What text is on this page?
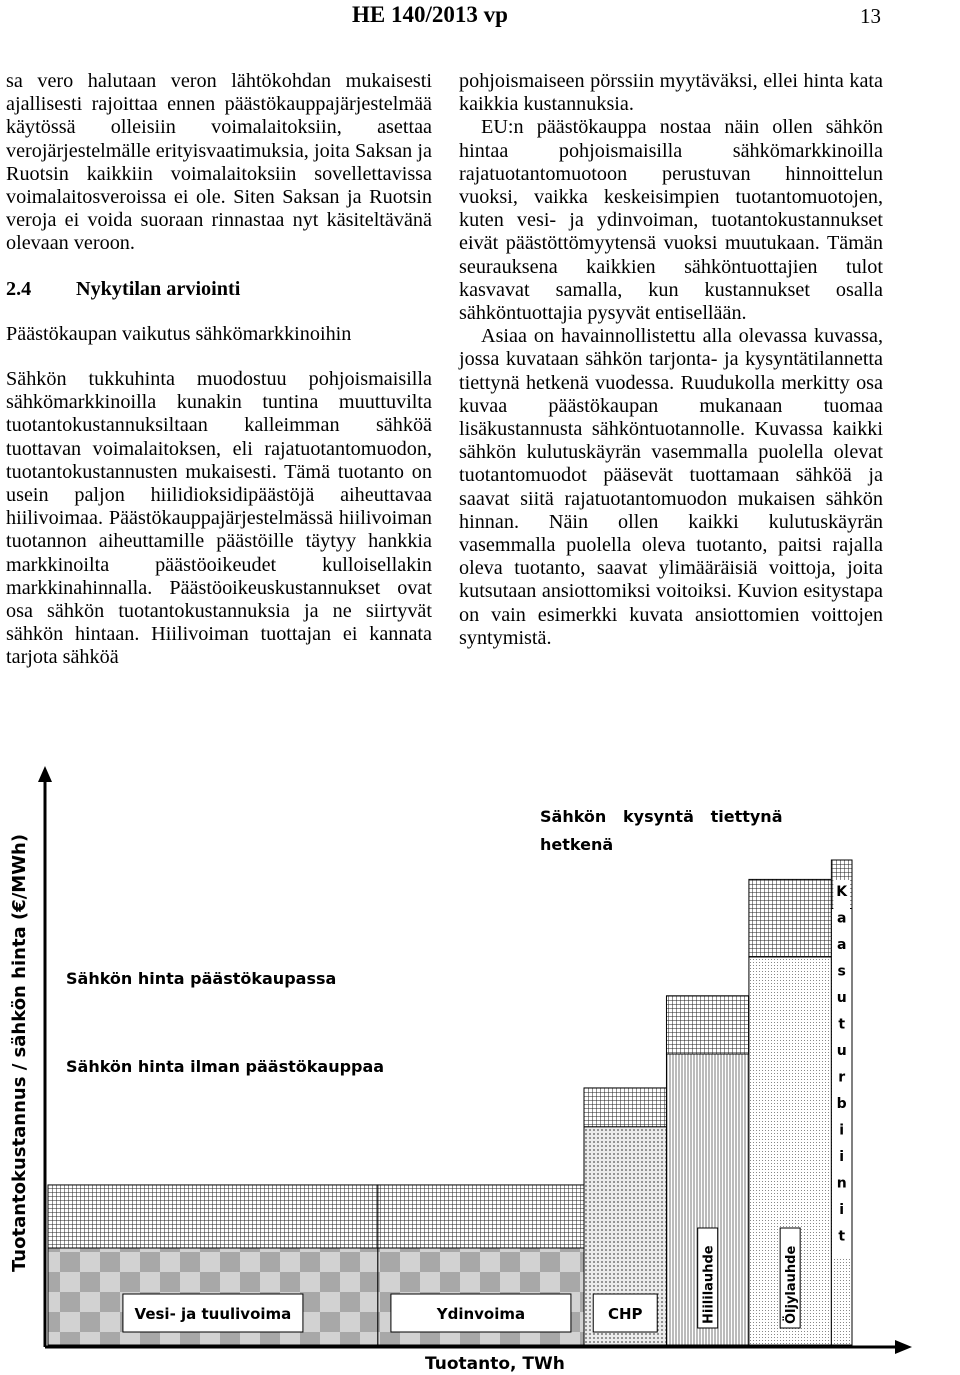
HE 140/2013 vp	13

sa vero halutaan veron lähtökohdan mukaisesti ajallisesti rajoittaa ennen päästökauppajärjestelmää käytössä olleisiin voimalaitoksiin, asettaa verojärjestelmälle erityisvaatimuksia, joita Saksan ja Ruotsin kaikkiin voimalaitoksiin sovellettavissa voimalaitosveroissa ei ole. Siten Saksan ja Ruotsin veroja ei voida suoraan rinnastaa nyt käsiteltävänä olevaan veroon.

2.4 Nykytilan arviointi

Päästökaupan vaikutus sähkömarkkinoihin

Sähkön tukkuhinta muodostuu pohjoismaisilla sähkömarkkinoilla kunakin tuntina muuttuvilta tuotantokustannuksiltaan kalleimman sähköä tuottavan voimalaitoksen, eli rajatuotantomuodon, tuotantokustannusten mukaisesti. Tämä tuotanto on usein paljon hiilidioksidipäästöjä aiheuttavaa hiilivoimaa. Päästökauppajärjestelmässä hiilivoiman tuotannon aiheuttamille päästöille täytyy hankkia markkinoilta päästöoikeudet kulloisellakin markkinahinnalla. Päästöoikeuskustannukset ovat osa sähkön tuotantokustannuksia ja ne siirtyvät sähkön hintaan. Hiilivoiman tuottajan ei kannata tarjota sähköä

pohjoismaiseen pörssiin myytäväksi, ellei hinta kata kaikkia kustannuksia.

EU:n päästökauppa nostaa näin ollen sähkön hintaa pohjoismaisilla sähkömarkkinoilla rajatuotantomuotoon perustuvan hinnoittelun vuoksi, vaikka keskeisimpien tuotantomuotojen, kuten vesi- ja ydinvoiman, tuotantokustannukset eivät päästöttömyytensä vuoksi muutukaan. Tämän seurauksena kaikkien sähköntuottajien tulot kasvavat samalla, kun kustannukset osalla sähköntuottajia pysyvät entisellään.

Asiaa on havainnollistettu alla olevassa kuvassa, jossa kuvataan sähkön tarjonta- ja kysyntätilannetta tiettynä hetkenä vuodessa. Ruudukolla merkitty osa kuvaa päästökaupan mukanaan tuomaa lisäkustannusta sähköntuotannolle. Kuvassa kaikki sähkön kulutuskäyrän vasemmalla puolella olevat tuotantomuodot pääsevät tuottamaan sähköä ja saavat siitä rajatuotantomuodon mukaisen sähkön hinnan. Näin ollen kaikki kulutuskäyrän vasemmalla puolella oleva tuotanto, paitsi rajalla oleva tuotanto, saavat ylimääräisiä voittoja, joita kutsutaan ansiottomiksi voitoiksi. Kuvion esitystapa on vain esimerkki kuvata ansiottomien voittojen syntymistä.

Tuotantokustannus / sähkön hinta (€/MWh)
Tuotanto, TWh
Sähkön   kysyntä   tiettynä
hetkenä
Sähkön hinta päästökaupassa
Sähkön hinta ilman päästökauppaa
Vesi- ja tuulivoima	Ydinvoima	CHP	Hiililauhde	Öljylauhde
K
a
a
s
u
t
u
r
b
i
i
n
i
t
